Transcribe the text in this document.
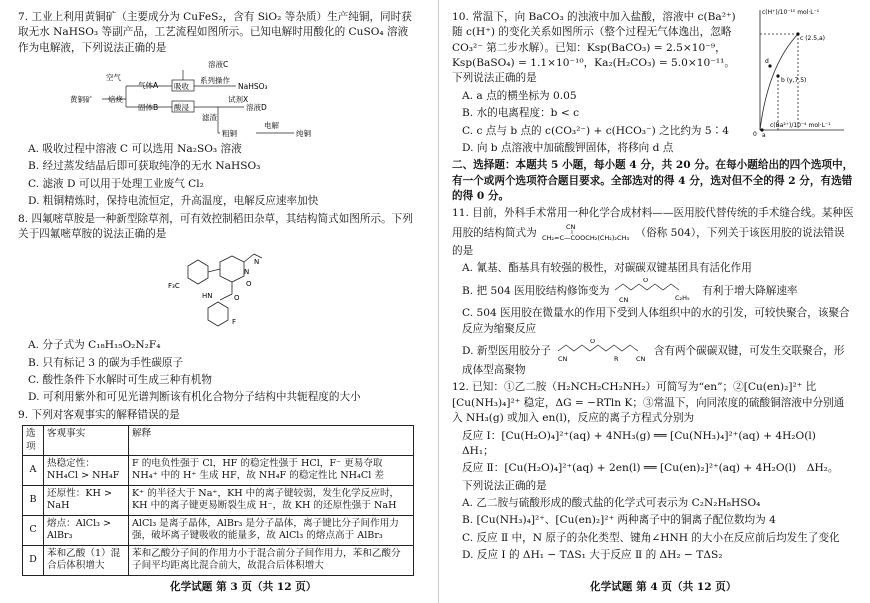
7. 工业上利用黄铜矿（主要成分为 CuFeS₂，含有 SiO₂ 等杂质）生产纯铜，同时获取无水 NaHSO₃ 等副产品，工艺流程如图所示。已知电解时用酸化的 CuSO₄ 溶液作为电解液，下列说法正确的是

溶液C
空气
气体A 吸收
系列操作
NaHSO₃
黄铜矿 焙烧
固体B 酸浸	溶液D
滤渣
试剂X
粗铜
电解
纯铜

A. 吸收过程中溶液 C 可以选用 Na₂SO₃ 溶液

B. 经过蒸发结晶后即可获取纯净的无水 NaHSO₃

C. 滤液 D 可以用于处理工业废气 Cl₂

D. 粗铜精炼时，保持电流恒定，升高温度，电解反应速率加快

8. 四氟嘧草胺是一种新型除草剂，可有效控制稻田杂草，其结构简式如图所示。下列关于四氟嘧草胺的说法正确的是

F₃C
N
HN
O
O
F
N

A. 分子式为 C₁₈H₁₅O₂N₂F₄

B. 只有标记 3 的碳为手性碳原子

C. 酸性条件下水解时可生成三种有机物

D. 可利用紫外和可见光谱判断该有机化合物分子结构中共轭程度的大小

9. 下列对客观事实的解释错误的是

选项	客观事实	解释
A	热稳定性：NH₄Cl > NH₄F	F 的电负性强于 Cl，HF 的稳定性强于 HCl，F⁻ 更易夺取 NH₄⁺ 中的 H⁺ 生成 HF，故 NH₄F 的稳定性比 NH₄Cl 差
B	还原性：KH > NaH	K⁺ 的半径大于 Na⁺，KH 中的离子键较弱，发生化学反应时，KH 中的离子键更易断裂生成 H⁻，故 KH 的还原性强于 NaH
C	熔点：AlCl₃ > AlBr₃	AlCl₃ 是离子晶体，AlBr₃ 是分子晶体，离子键比分子间作用力强，破坏离子键吸收的能量多，故 AlCl₃ 的熔点高于 AlBr₃
D	苯和乙酸（1）混合后体积增大	苯和乙酸分子间的作用力小于混合前分子间作用力，苯和乙酸分子间平均距离比混合前大，故混合后体积增大
化学试题 第 3 页（共 12 页）

10. 常温下，向 BaCO₃ 的浊液中加入盐酸，溶液中 c(Ba²⁺) 随 c(H⁺) 的变化关系如图所示（整个过程无气体逸出，忽略 CO₃²⁻ 第二步水解）。已知：Ksp(BaCO₃) = 2.5×10⁻⁹，Ksp(BaSO₄) = 1.1×10⁻¹⁰，Ka₂(H₂CO₃) = 5.0×10⁻¹¹。下列说法正确的是

A. a 点的横坐标为 0.05

B. 水的电离程度：b < c

C. c 点与 b 点的 c(CO₃²⁻) + c(HCO₃⁻) 之比约为 5∶4

D. 向 b 点溶液中加硫酸钾固体，将移向 d 点

二、选择题：本题共 5 小题，每小题 4 分，共 20 分。在每小题给出的四个选项中，有一个或两个选项符合题目要求。全部选对的得 4 分，选对但不全的得 2 分，有选错的得 0 分。

11. 目前，外科手术常用一种化学合成材料——医用胶代替传统的手术缝合线。某种医用胶的结构简式为 CH₂=C—COOCH₂(CH₂)₂CH₃
CN	（俗称 504），下列关于该医用胶的说法错误的是

A. 氰基、酯基具有较强的极性，对碳碳双键基团具有活化作用

B. 把 504 医用胶结构修饰变为
CN
O
C₂H₅
有利于增大降解速率

C. 504 医用胶在微量水的作用下受到人体组织中的水的引发，可较快聚合，该聚合反应为缩聚反应

D. 新型医用胶分子
CN
O
R	CN
含有两个碳碳双键，可发生交联聚合，形成体型高聚物

12. 已知：①乙二胺（H₂NCH₂CH₂NH₂）可简写为“en”；②[Cu(en)₂]²⁺ 比 [Cu(NH₃)₄]²⁺ 稳定，ΔG = −RTln K；③常温下，向同浓度的硫酸铜溶液中分别通入 NH₃(g) 或加入 en(l)，反应的离子方程式分别为

反应 Ⅰ：[Cu(H₂O)₄]²⁺(aq) + 4NH₃(g) ══ [Cu(NH₃)₄]²⁺(aq) + 4H₂O(l)　ΔH₁；

反应 Ⅱ：[Cu(H₂O)₄]²⁺(aq) + 2en(l) ══ [Cu(en)₂]²⁺(aq) + 4H₂O(l)　ΔH₂。

下列说法正确的是

A. 乙二胺与硫酸形成的酸式盐的化学式可表示为 C₂N₂H₈HSO₄

B. [Cu(NH₃)₄]²⁺、[Cu(en)₂]²⁺ 两种离子中的铜离子配位数均为 4

C. 反应 Ⅱ 中，N 原子的杂化类型、键角∠HNH 的大小在反应前后均发生了变化

D. 反应 Ⅰ 的 ΔH₁ − TΔS₁ 大于反应 Ⅱ 的 ΔH₂ − TΔS₂

c(H⁺)/10⁻¹⁰ mol·L⁻¹
c (2.5,a)
b (y,7.5)
d
a
0
c(Ba²⁺)/10⁻⁴ mol·L⁻¹
化学试题 第 4 页（共 12 页）
